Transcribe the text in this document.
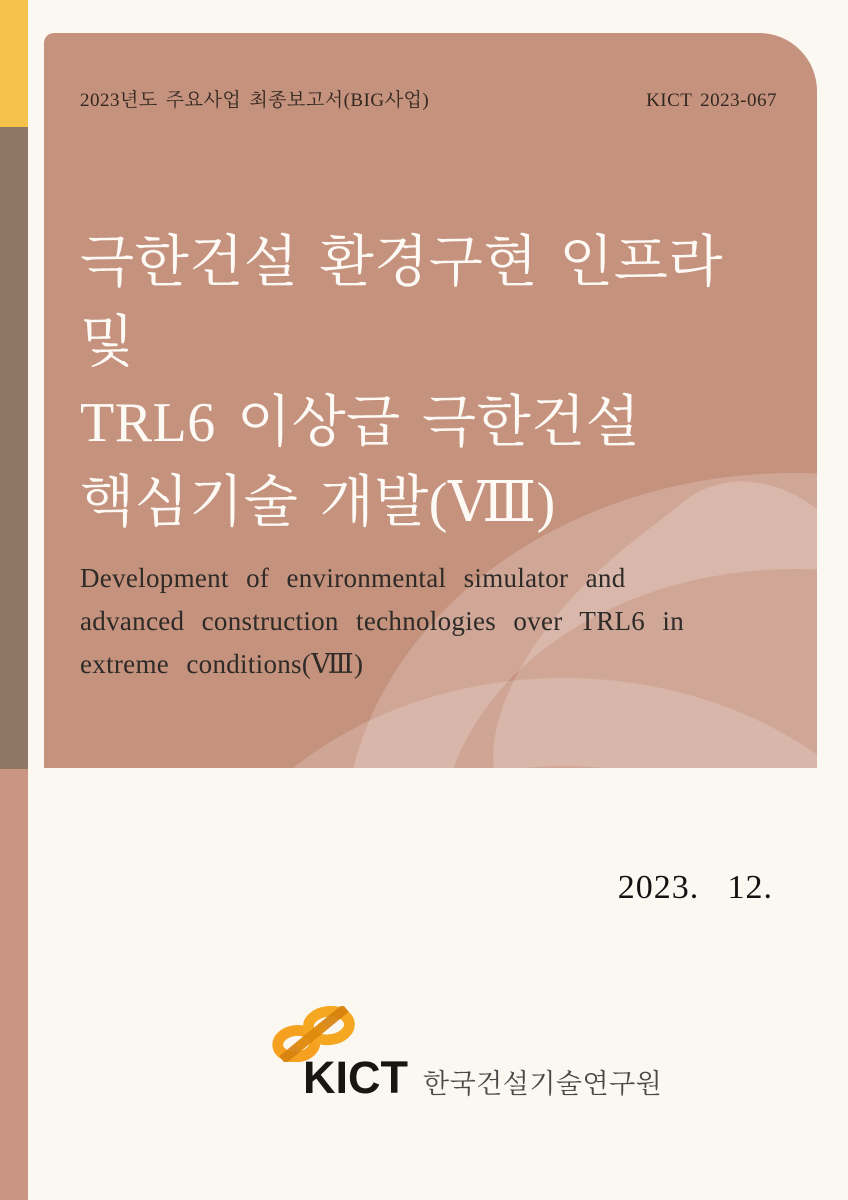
2023년도 주요사업 최종보고서(BIG사업)	KICT 2023-067
극한건설 환경구현 인프라 및
TRL6 이상급 극한건설
핵심기술 개발(Ⅷ)

Development of environmental simulator and
advanced construction technologies over TRL6 in
extreme conditions(Ⅷ)

2023. 12.
KICT 한국건설기술연구원
